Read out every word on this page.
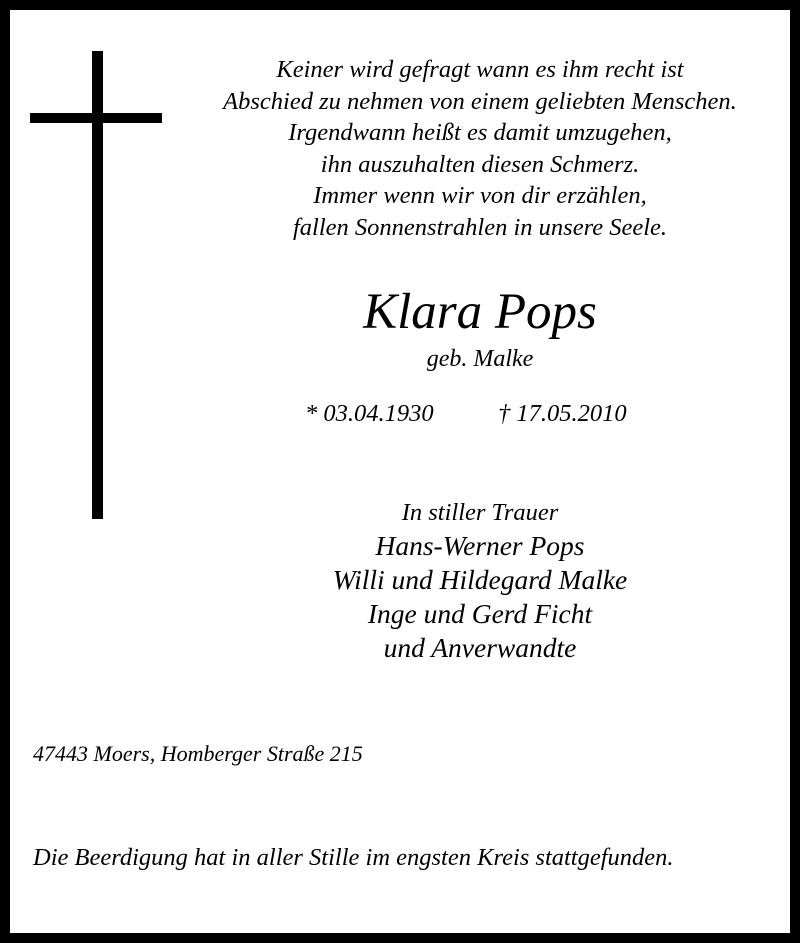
Keiner wird gefragt wann es ihm recht ist
Abschied zu nehmen von einem geliebten Menschen.
Irgendwann heißt es damit umzugehen,
ihn auszuhalten diesen Schmerz.
Immer wenn wir von dir erzählen,
fallen Sonnenstrahlen in unsere Seele.
Klara Pops
geb. Malke
* 03.04.1930	† 17.05.2010
In stiller Trauer
Hans-Werner Pops
Willi und Hildegard Malke
Inge und Gerd Ficht
und Anverwandte
47443 Moers, Homberger Straße 215
Die Beerdigung hat in aller Stille im engsten Kreis stattgefunden.
